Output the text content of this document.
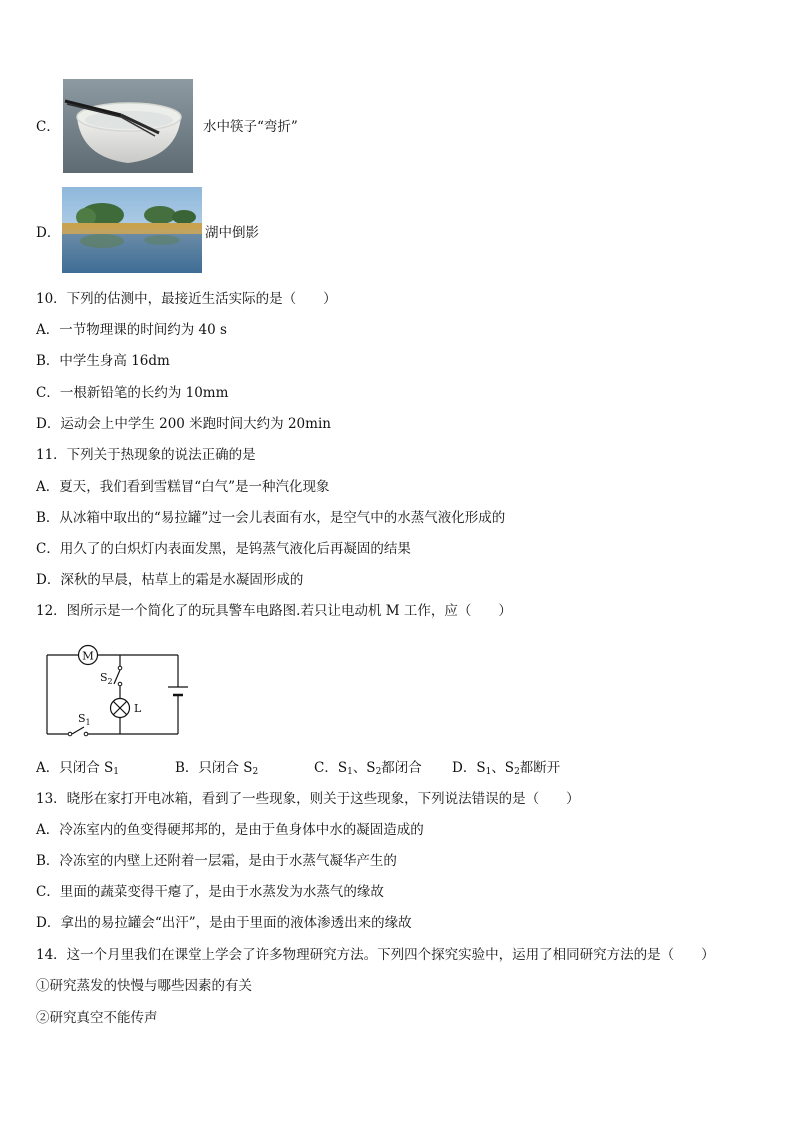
C．	水中筷子“弯折”
D．	湖中倒影
10．下列的估测中，最接近生活实际的是（　　）
A．一节物理课的时间约为 40 s
B．中学生身高 16dm
C．一根新铅笔的长约为 10mm
D．运动会上中学生 200 米跑时间大约为 20min
11．下列关于热现象的说法正确的是
A．夏天，我们看到雪糕冒“白气”是一种汽化现象
B．从冰箱中取出的“易拉罐”过一会儿表面有水，是空气中的水蒸气液化形成的
C．用久了的白炽灯内表面发黑，是钨蒸气液化后再凝固的结果
D．深秋的早晨，枯草上的霜是水凝固形成的
12．图所示是一个简化了的玩具警车电路图.若只让电动机 M 工作，应（　　）
M
$S_2$
L
$S_1$
A．只闭合 $S_1$	B．只闭合 $S_2$	C．$S_1$、$S_2$都闭合 D．$S_1$、$S_2$都断开
13．晓彤在家打开电冰箱，看到了一些现象，则关于这些现象，下列说法错误的是（　　）
A．冷冻室内的鱼变得硬邦邦的，是由于鱼身体中水的凝固造成的
B．冷冻室的内壁上还附着一层霜，是由于水蒸气凝华产生的
C．里面的蔬菜变得干瘪了，是由于水蒸发为水蒸气的缘故
D．拿出的易拉罐会“出汗”，是由于里面的液体渗透出来的缘故
14．这一个月里我们在课堂上学会了许多物理研究方法。下列四个探究实验中，运用了相同研究方法的是（　　）
①研究蒸发的快慢与哪些因素的有关
②研究真空不能传声
